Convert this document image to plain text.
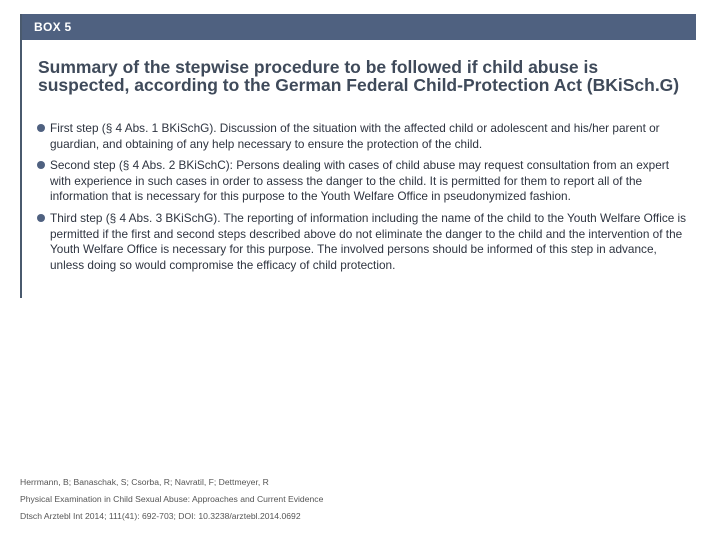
BOX 5
Summary of the stepwise procedure to be followed if child abuse is suspected, according to the German Federal Child-Protection Act (BKiSch.G)
First step (§ 4 Abs. 1 BKiSchG). Discussion of the situation with the affected child or adolescent and his/her parent or guardian, and obtaining of any help necessary to ensure the protection of the child.
Second step (§ 4 Abs. 2 BKiSchC): Persons dealing with cases of child abuse may request consultation from an expert with experience in such cases in order to assess the danger to the child. It is permitted for them to report all of the information that is necessary for this purpose to the Youth Welfare Office in pseudonymized fashion.
Third step (§ 4 Abs. 3 BKiSchG). The reporting of information including the name of the child to the Youth Welfare Office is permitted if the first and second steps described above do not eliminate the danger to the child and the intervention of the Youth Welfare Office is necessary for this purpose. The involved persons should be informed of this step in advance, unless doing so would compromise the efficacy of child protection.
Herrmann, B; Banaschak, S; Csorba, R; Navratil, F; Dettmeyer, R
Physical Examination in Child Sexual Abuse: Approaches and Current Evidence
Dtsch Arztebl Int 2014; 111(41): 692-703; DOI: 10.3238/arztebl.2014.0692
